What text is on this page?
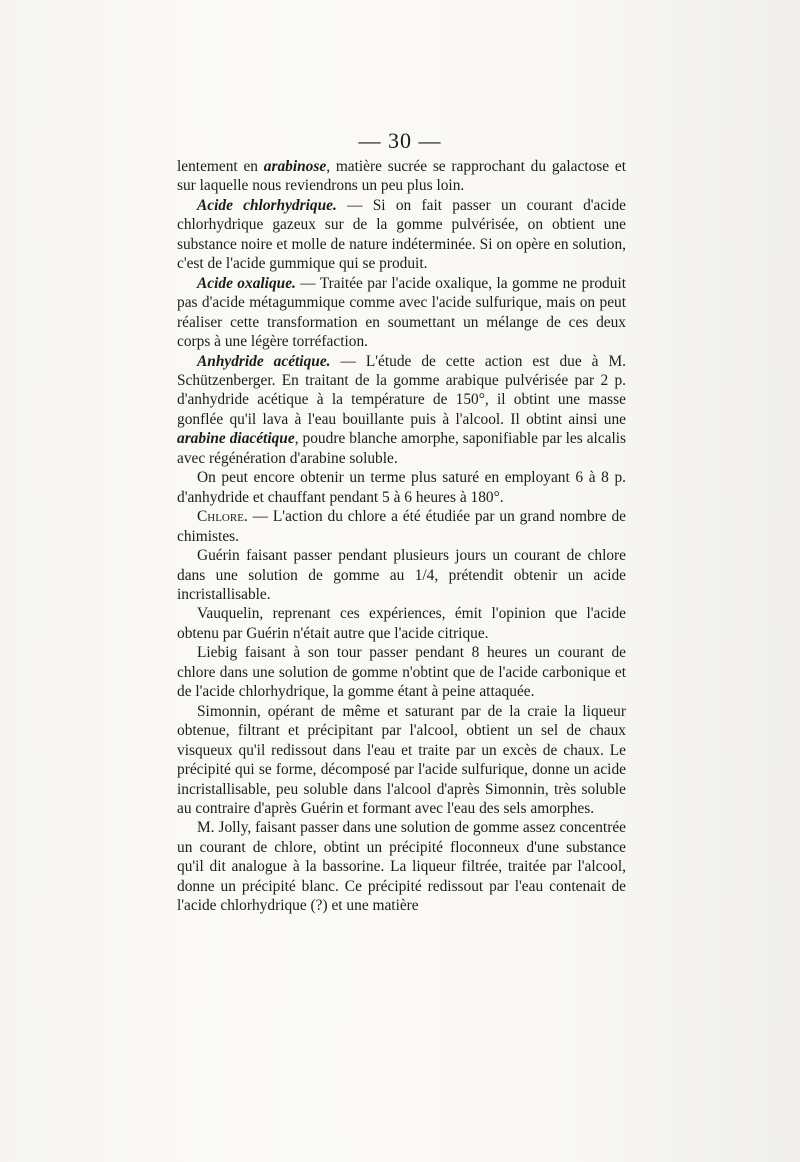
— 30 —

lentement en arabinose, matière sucrée se rapprochant du galactose et sur laquelle nous reviendrons un peu plus loin.

Acide chlorhydrique. — Si on fait passer un courant d'acide chlorhydrique gazeux sur de la gomme pulvérisée, on obtient une substance noire et molle de nature indéterminée. Si on opère en solution, c'est de l'acide gummique qui se produit.

Acide oxalique. — Traitée par l'acide oxalique, la gomme ne produit pas d'acide métagummique comme avec l'acide sulfurique, mais on peut réaliser cette transformation en soumettant un mélange de ces deux corps à une légère torréfaction.

Anhydride acétique. — L'étude de cette action est due à M. Schützenberger. En traitant de la gomme arabique pulvérisée par 2 p. d'anhydride acétique à la température de 150°, il obtint une masse gonflée qu'il lava à l'eau bouillante puis à l'alcool. Il obtint ainsi une arabine diacétique, poudre blanche amorphe, saponifiable par les alcalis avec régénération d'arabine soluble.

On peut encore obtenir un terme plus saturé en employant 6 à 8 p. d'anhydride et chauffant pendant 5 à 6 heures à 180°.

Chlore. — L'action du chlore a été étudiée par un grand nombre de chimistes.

Guérin faisant passer pendant plusieurs jours un courant de chlore dans une solution de gomme au 1/4, prétendit obtenir un acide incristallisable.

Vauquelin, reprenant ces expériences, émit l'opinion que l'acide obtenu par Guérin n'était autre que l'acide citrique.

Liebig faisant à son tour passer pendant 8 heures un courant de chlore dans une solution de gomme n'obtint que de l'acide carbonique et de l'acide chlorhydrique, la gomme étant à peine attaquée.

Simonnin, opérant de même et saturant par de la craie la liqueur obtenue, filtrant et précipitant par l'alcool, obtient un sel de chaux visqueux qu'il redissout dans l'eau et traite par un excès de chaux. Le précipité qui se forme, décomposé par l'acide sulfurique, donne un acide incristallisable, peu soluble dans l'alcool d'après Simonnin, très soluble au contraire d'après Guérin et formant avec l'eau des sels amorphes.

M. Jolly, faisant passer dans une solution de gomme assez concentrée un courant de chlore, obtint un précipité floconneux d'une substance qu'il dit analogue à la bassorine. La liqueur filtrée, traitée par l'alcool, donne un précipité blanc. Ce précipité redissout par l'eau contenait de l'acide chlorhydrique (?) et une matière
